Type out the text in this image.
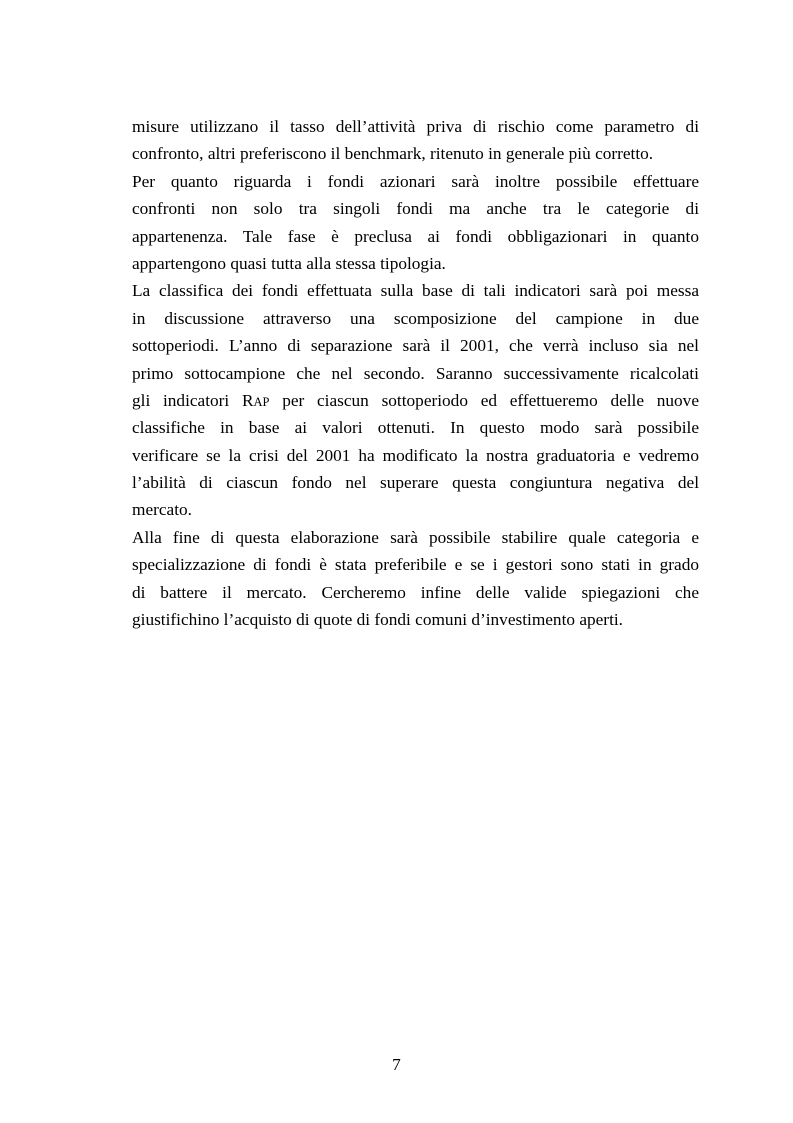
misure utilizzano il tasso dell’attività priva di rischio come parametro di
confronto, altri preferiscono il benchmark, ritenuto in generale più corretto.
Per quanto riguarda i fondi azionari sarà inoltre possibile effettuare
confronti non solo tra singoli fondi ma anche tra le categorie di
appartenenza. Tale fase è preclusa ai fondi obbligazionari in quanto
appartengono quasi tutta alla stessa tipologia.
La classifica dei fondi effettuata sulla base di tali indicatori sarà poi messa
in discussione attraverso una scomposizione del campione in due
sottoperiodi. L’anno di separazione sarà il 2001, che verrà incluso sia nel
primo sottocampione che nel secondo. Saranno successivamente ricalcolati
gli indicatori RAP per ciascun sottoperiodo ed effettueremo delle nuove
classifiche in base ai valori ottenuti. In questo modo sarà possibile
verificare se la crisi del 2001 ha modificato la nostra graduatoria e vedremo
l’abilità di ciascun fondo nel superare questa congiuntura negativa del
mercato.
Alla fine di questa elaborazione sarà possibile stabilire quale categoria e
specializzazione di fondi è stata preferibile e se i gestori sono stati in grado
di battere il mercato. Cercheremo infine delle valide spiegazioni che
giustifichino l’acquisto di quote di fondi comuni d’investimento aperti.
7
